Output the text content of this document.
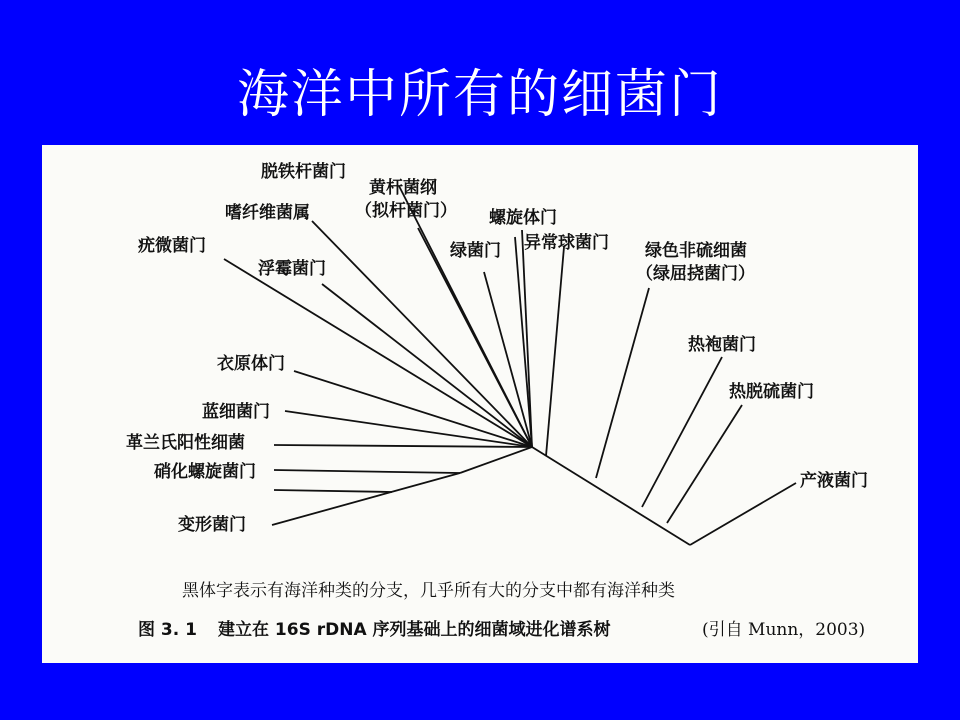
海洋中所有的细菌门
脱铁杆菌门
黄杆菌纲
（拟杆菌门）
嗜纤维菌属	螺旋体门
绿菌门 异常球菌门 绿色非硫细菌
（绿屈挠菌门）
疣微菌门
浮霉菌门
热袍菌门
衣原体门
热脱硫菌门
蓝细菌门
革兰氏阳性细菌
硝化螺旋菌门	产液菌门
变形菌门
黑体字表示有海洋种类的分支，几乎所有大的分支中都有海洋种类
图 3. 1 建立在 16S rDNA 序列基础上的细菌域进化谱系树	(引自 Munn，2003)
